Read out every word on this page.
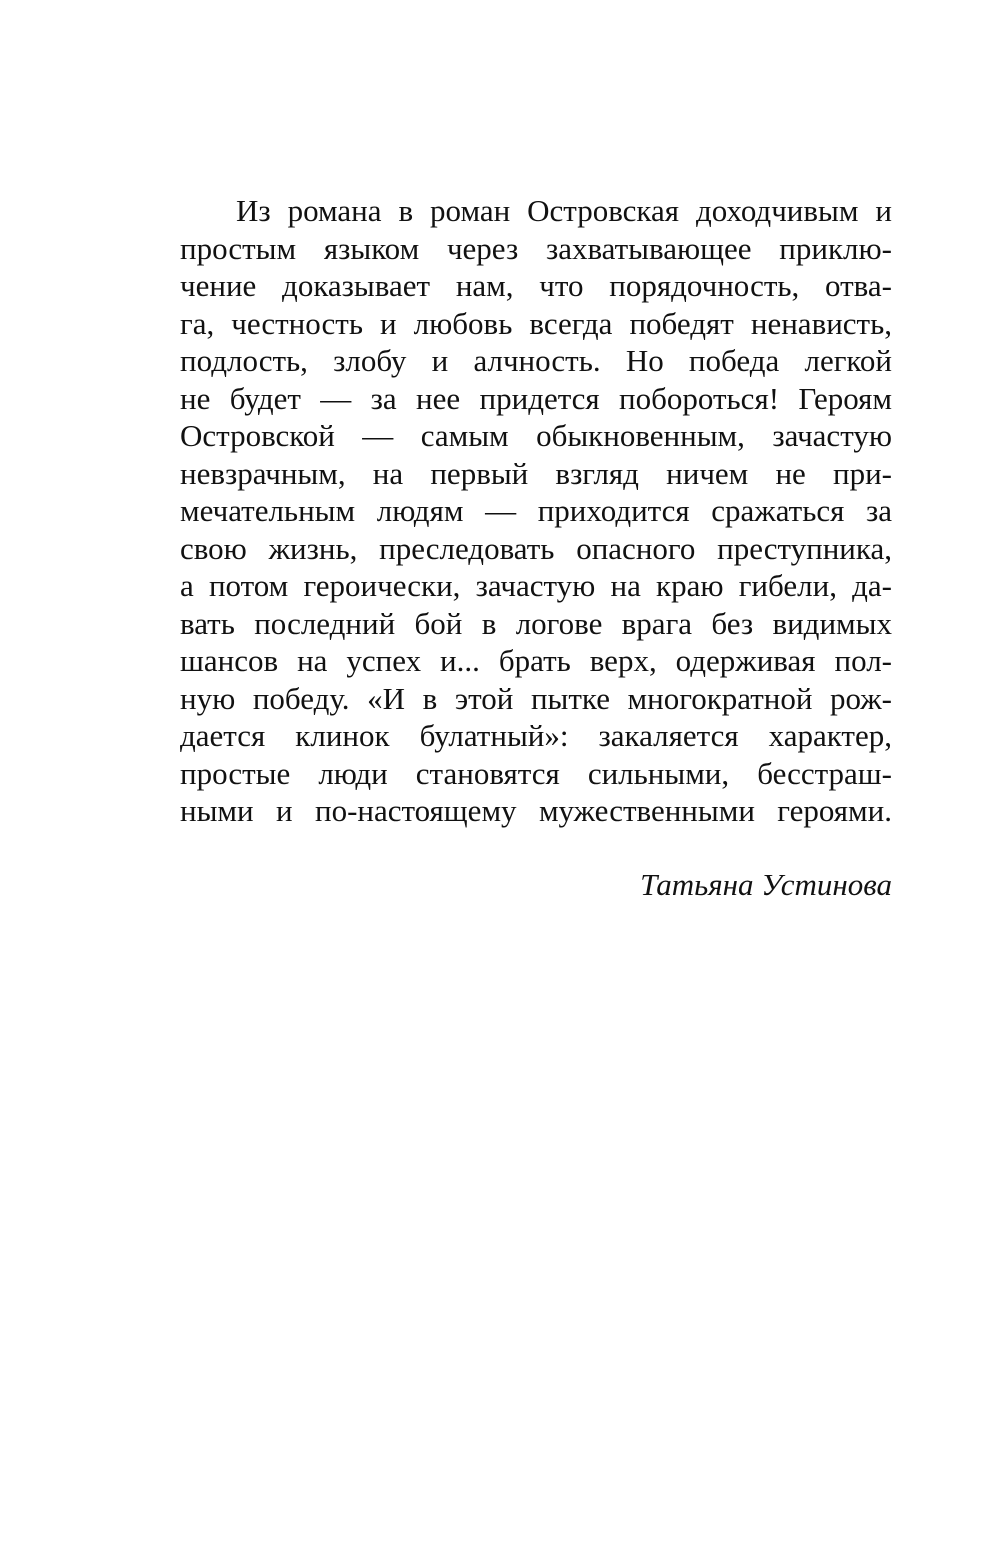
Из романа в роман Островская доходчивым и
простым языком через захватывающее приклю-
чение доказывает нам, что порядочность, отва-
га, честность и любовь всегда победят ненависть,
подлость, злобу и алчность. Но победа легкой
не будет — за нее придется побороться! Героям
Островской — самым обыкновенным, зачастую
невзрачным, на первый взгляд ничем не при-
мечательным людям — приходится сражаться за
свою жизнь, преследовать опасного преступника,
а потом героически, зачастую на краю гибели, да-
вать последний бой в логове врага без видимых
шансов на успех и... брать верх, одерживая пол-
ную победу. «И в этой пытке многократной рож-
дается клинок булатный»: закаляется характер,
простые люди становятся сильными, бесстраш-
ными и по-настоящему мужественными героями.
Татьяна Устинова
